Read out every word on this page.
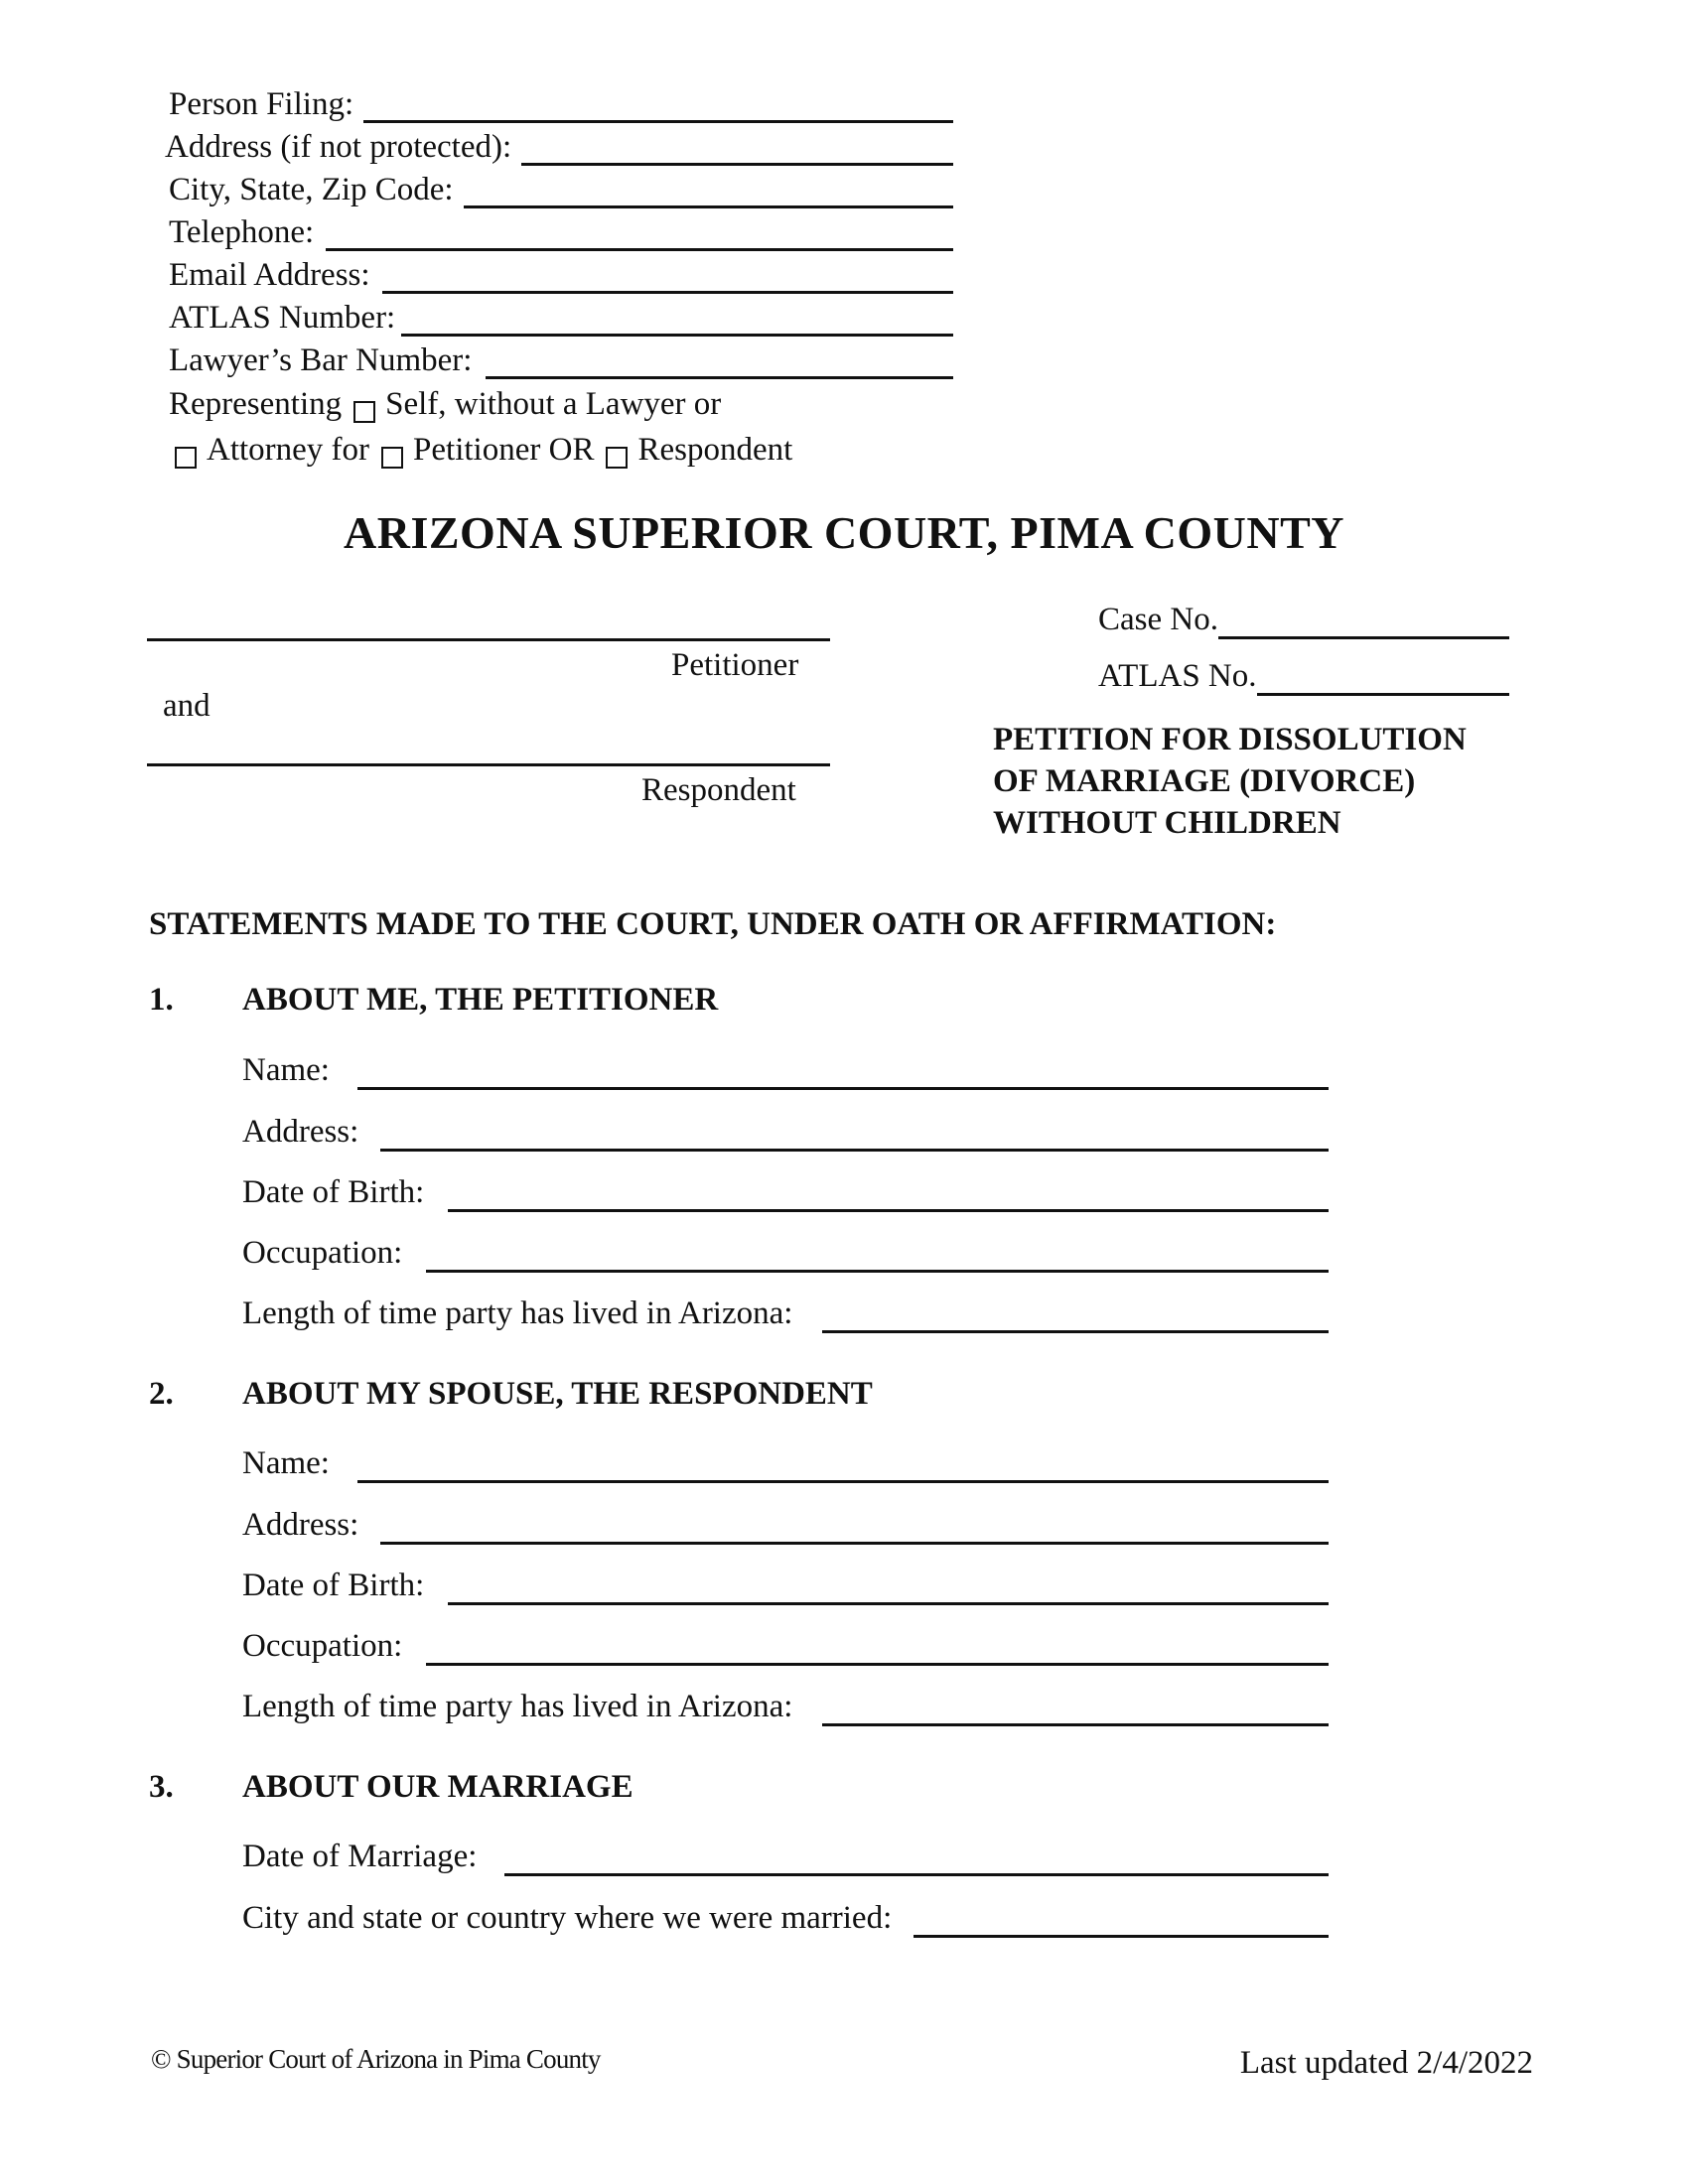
Person Filing:
Address (if not protected):
City, State, Zip Code:
Telephone:
Email Address:
ATLAS Number:
Lawyer’s Bar Number:
Representing Self, without a Lawyer or
Attorney for Petitioner OR Respondent
ARIZONA SUPERIOR COURT, PIMA COUNTY
Petitioner
and
Respondent
Case No.
ATLAS No.
PETITION FOR DISSOLUTION
OF MARRIAGE (DIVORCE)
WITHOUT CHILDREN
STATEMENTS MADE TO THE COURT, UNDER OATH OR AFFIRMATION:
1. ABOUT ME, THE PETITIONER
Name:
Address:
Date of Birth:
Occupation:
Length of time party has lived in Arizona:
2. ABOUT MY SPOUSE, THE RESPONDENT
Name:
Address:
Date of Birth:
Occupation:
Length of time party has lived in Arizona:
3. ABOUT OUR MARRIAGE
Date of Marriage:
City and state or country where we were married:
© Superior Court of Arizona in Pima County	Last updated 2/4/2022
